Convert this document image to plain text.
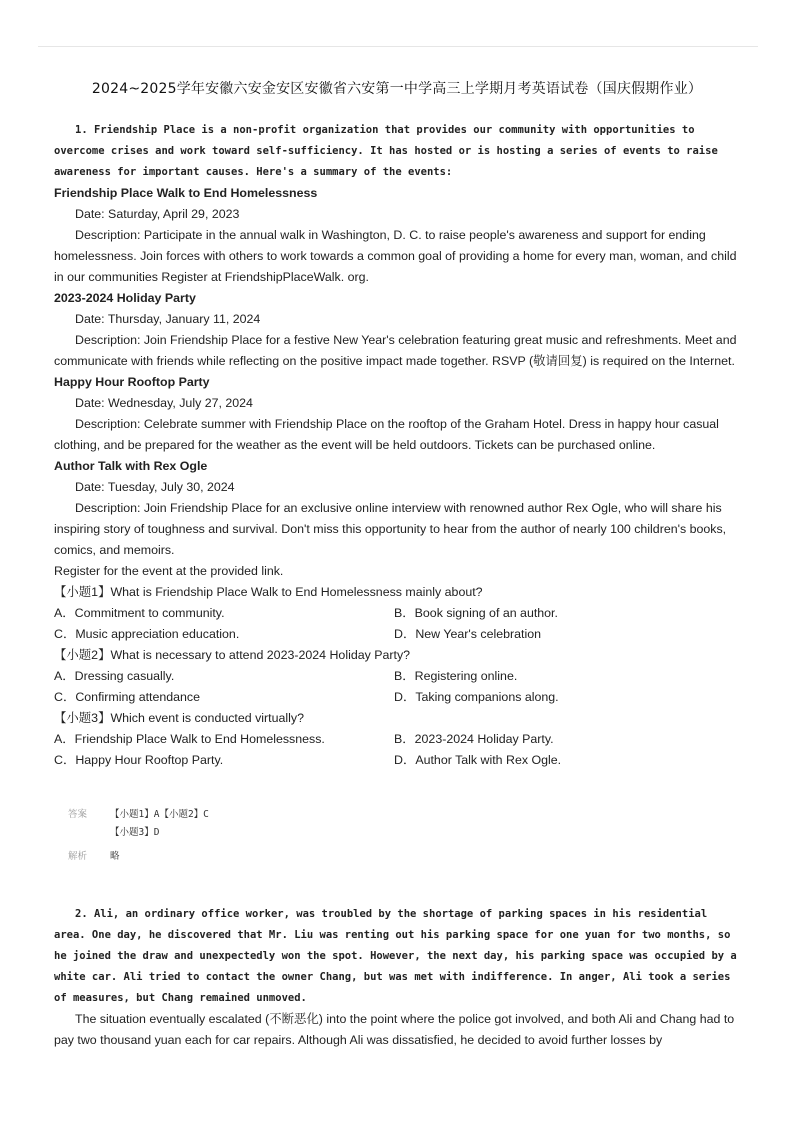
2024~2025学年安徽六安金安区安徽省六安第一中学高三上学期月考英语试卷（国庆假期作业）
1. Friendship Place is a non-profit organization that provides our community with opportunities to overcome crises and work toward self-sufficiency. It has hosted or is hosting a series of events to raise awareness for important causes. Here's a summary of the events:

Friendship Place Walk to End Homelessness

Date: Saturday, April 29, 2023

Description: Participate in the annual walk in Washington, D. C. to raise people's awareness and support for ending homelessness. Join forces with others to work towards a common goal of providing a home for every man, woman, and child in our communities Register at FriendshipPlaceWalk. org.

2023-2024 Holiday Party

Date: Thursday, January 11, 2024

Description: Join Friendship Place for a festive New Year's celebration featuring great music and refreshments. Meet and communicate with friends while reflecting on the positive impact made together. RSVP (敬请回复) is required on the Internet.

Happy Hour Rooftop Party

Date: Wednesday, July 27, 2024

Description: Celebrate summer with Friendship Place on the rooftop of the Graham Hotel. Dress in happy hour casual clothing, and be prepared for the weather as the event will be held outdoors. Tickets can be purchased online.

Author Talk with Rex Ogle

Date: Tuesday, July 30, 2024

Description: Join Friendship Place for an exclusive online interview with renowned author Rex Ogle, who will share his inspiring story of toughness and survival. Don't miss this opportunity to hear from the author of nearly 100 children's books, comics, and memoirs.

Register for the event at the provided link.

【小题1】What is Friendship Place Walk to End Homelessness mainly about?

A．Commitment to community.	B．Book signing of an author.
C．Music appreciation education.	D．New Year's celebration

【小题2】What is necessary to attend 2023-2024 Holiday Party?

A．Dressing casually.	B．Registering online.
C．Confirming attendance	D．Taking companions along.

【小题3】Which event is conducted virtually?

A．Friendship Place Walk to End Homelessness.	B．2023-2024 Holiday Party.
C．Happy Hour Rooftop Party.	D．Author Talk with Rex Ogle.
答案 【小题1】A【小题2】C
【小题3】D
解析 略
2. Ali, an ordinary office worker, was troubled by the shortage of parking spaces in his residential area. One day, he discovered that Mr. Liu was renting out his parking space for one yuan for two months, so he joined the draw and unexpectedly won the spot. However, the next day, his parking space was occupied by a white car. Ali tried to contact the owner Chang, but was met with indifference. In anger, Ali took a series of measures, but Chang remained unmoved.
The situation eventually escalated (不断恶化) into the point where the police got involved, and both Ali and Chang had to pay two thousand yuan each for car repairs. Although Ali was dissatisfied, he decided to avoid further losses by
